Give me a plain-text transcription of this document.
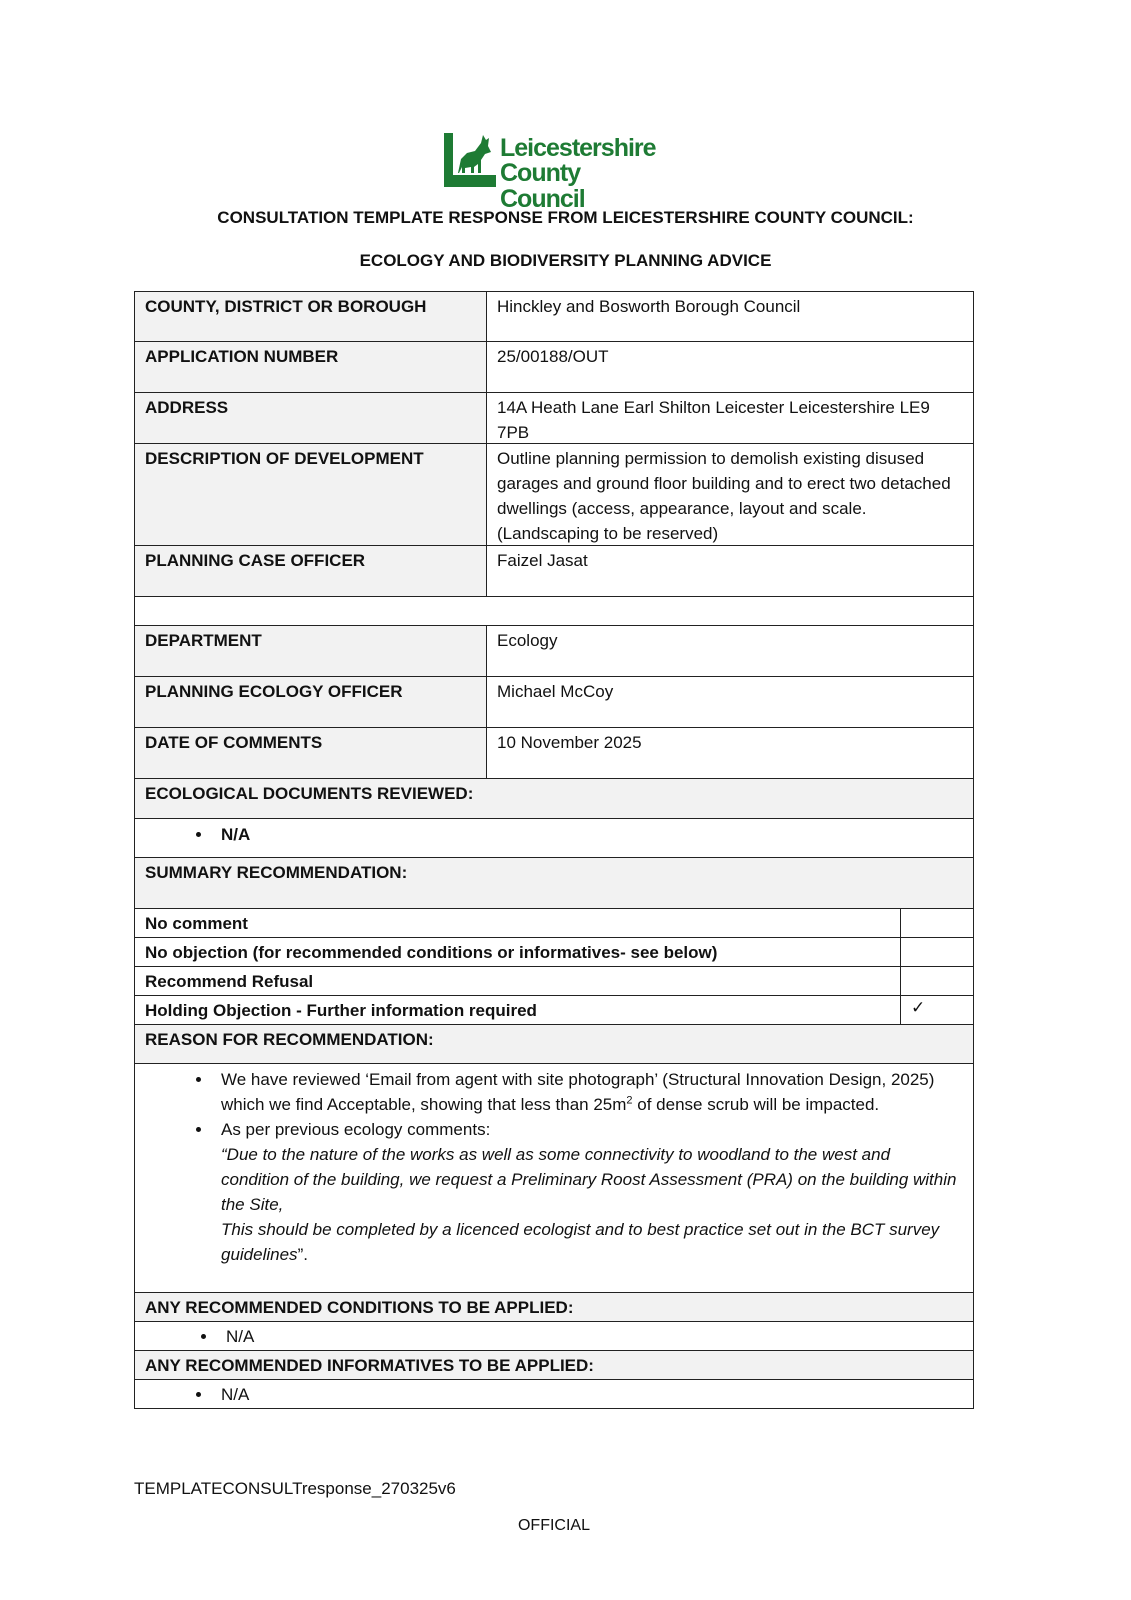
Leicestershire
County Council
CONSULTATION TEMPLATE RESPONSE FROM LEICESTERSHIRE COUNTY COUNCIL:
ECOLOGY AND BIODIVERSITY PLANNING ADVICE
COUNTY, DISTRICT OR BOROUGH	Hinckley and Bosworth Borough Council
APPLICATION NUMBER	25/00188/OUT
ADDRESS	14A Heath Lane Earl Shilton Leicester Leicestershire LE9 7PB
DESCRIPTION OF DEVELOPMENT	Outline planning permission to demolish existing disused garages and ground floor building and to erect two detached dwellings (access, appearance, layout and scale. (Landscaping to be reserved)
PLANNING CASE OFFICER	Faizel Jasat
DEPARTMENT	Ecology
PLANNING ECOLOGY OFFICER	Michael McCoy
DATE OF COMMENTS	10 November 2025
ECOLOGICAL DOCUMENTS REVIEWED:
• N/A
SUMMARY RECOMMENDATION:
No comment
No objection (for recommended conditions or informatives- see below)
Recommend Refusal
Holding Objection - Further information required	✓
REASON FOR RECOMMENDATION:
• We have reviewed ‘Email from agent with site photograph’ (Structural Innovation Design, 2025) which we find Acceptable, showing that less than $25m^2$ of dense scrub will be impacted.
• As per previous ecology comments:
“Due to the nature of the works as well as some connectivity to woodland to the west and condition of the building, we request a Preliminary Roost Assessment (PRA) on the building within the Site,
This should be completed by a licenced ecologist and to best practice set out in the BCT survey guidelines”.
ANY RECOMMENDED CONDITIONS TO BE APPLIED:
• N/A
ANY RECOMMENDED INFORMATIVES TO BE APPLIED:
• N/A
TEMPLATECONSULTresponse_270325v6
OFFICIAL
